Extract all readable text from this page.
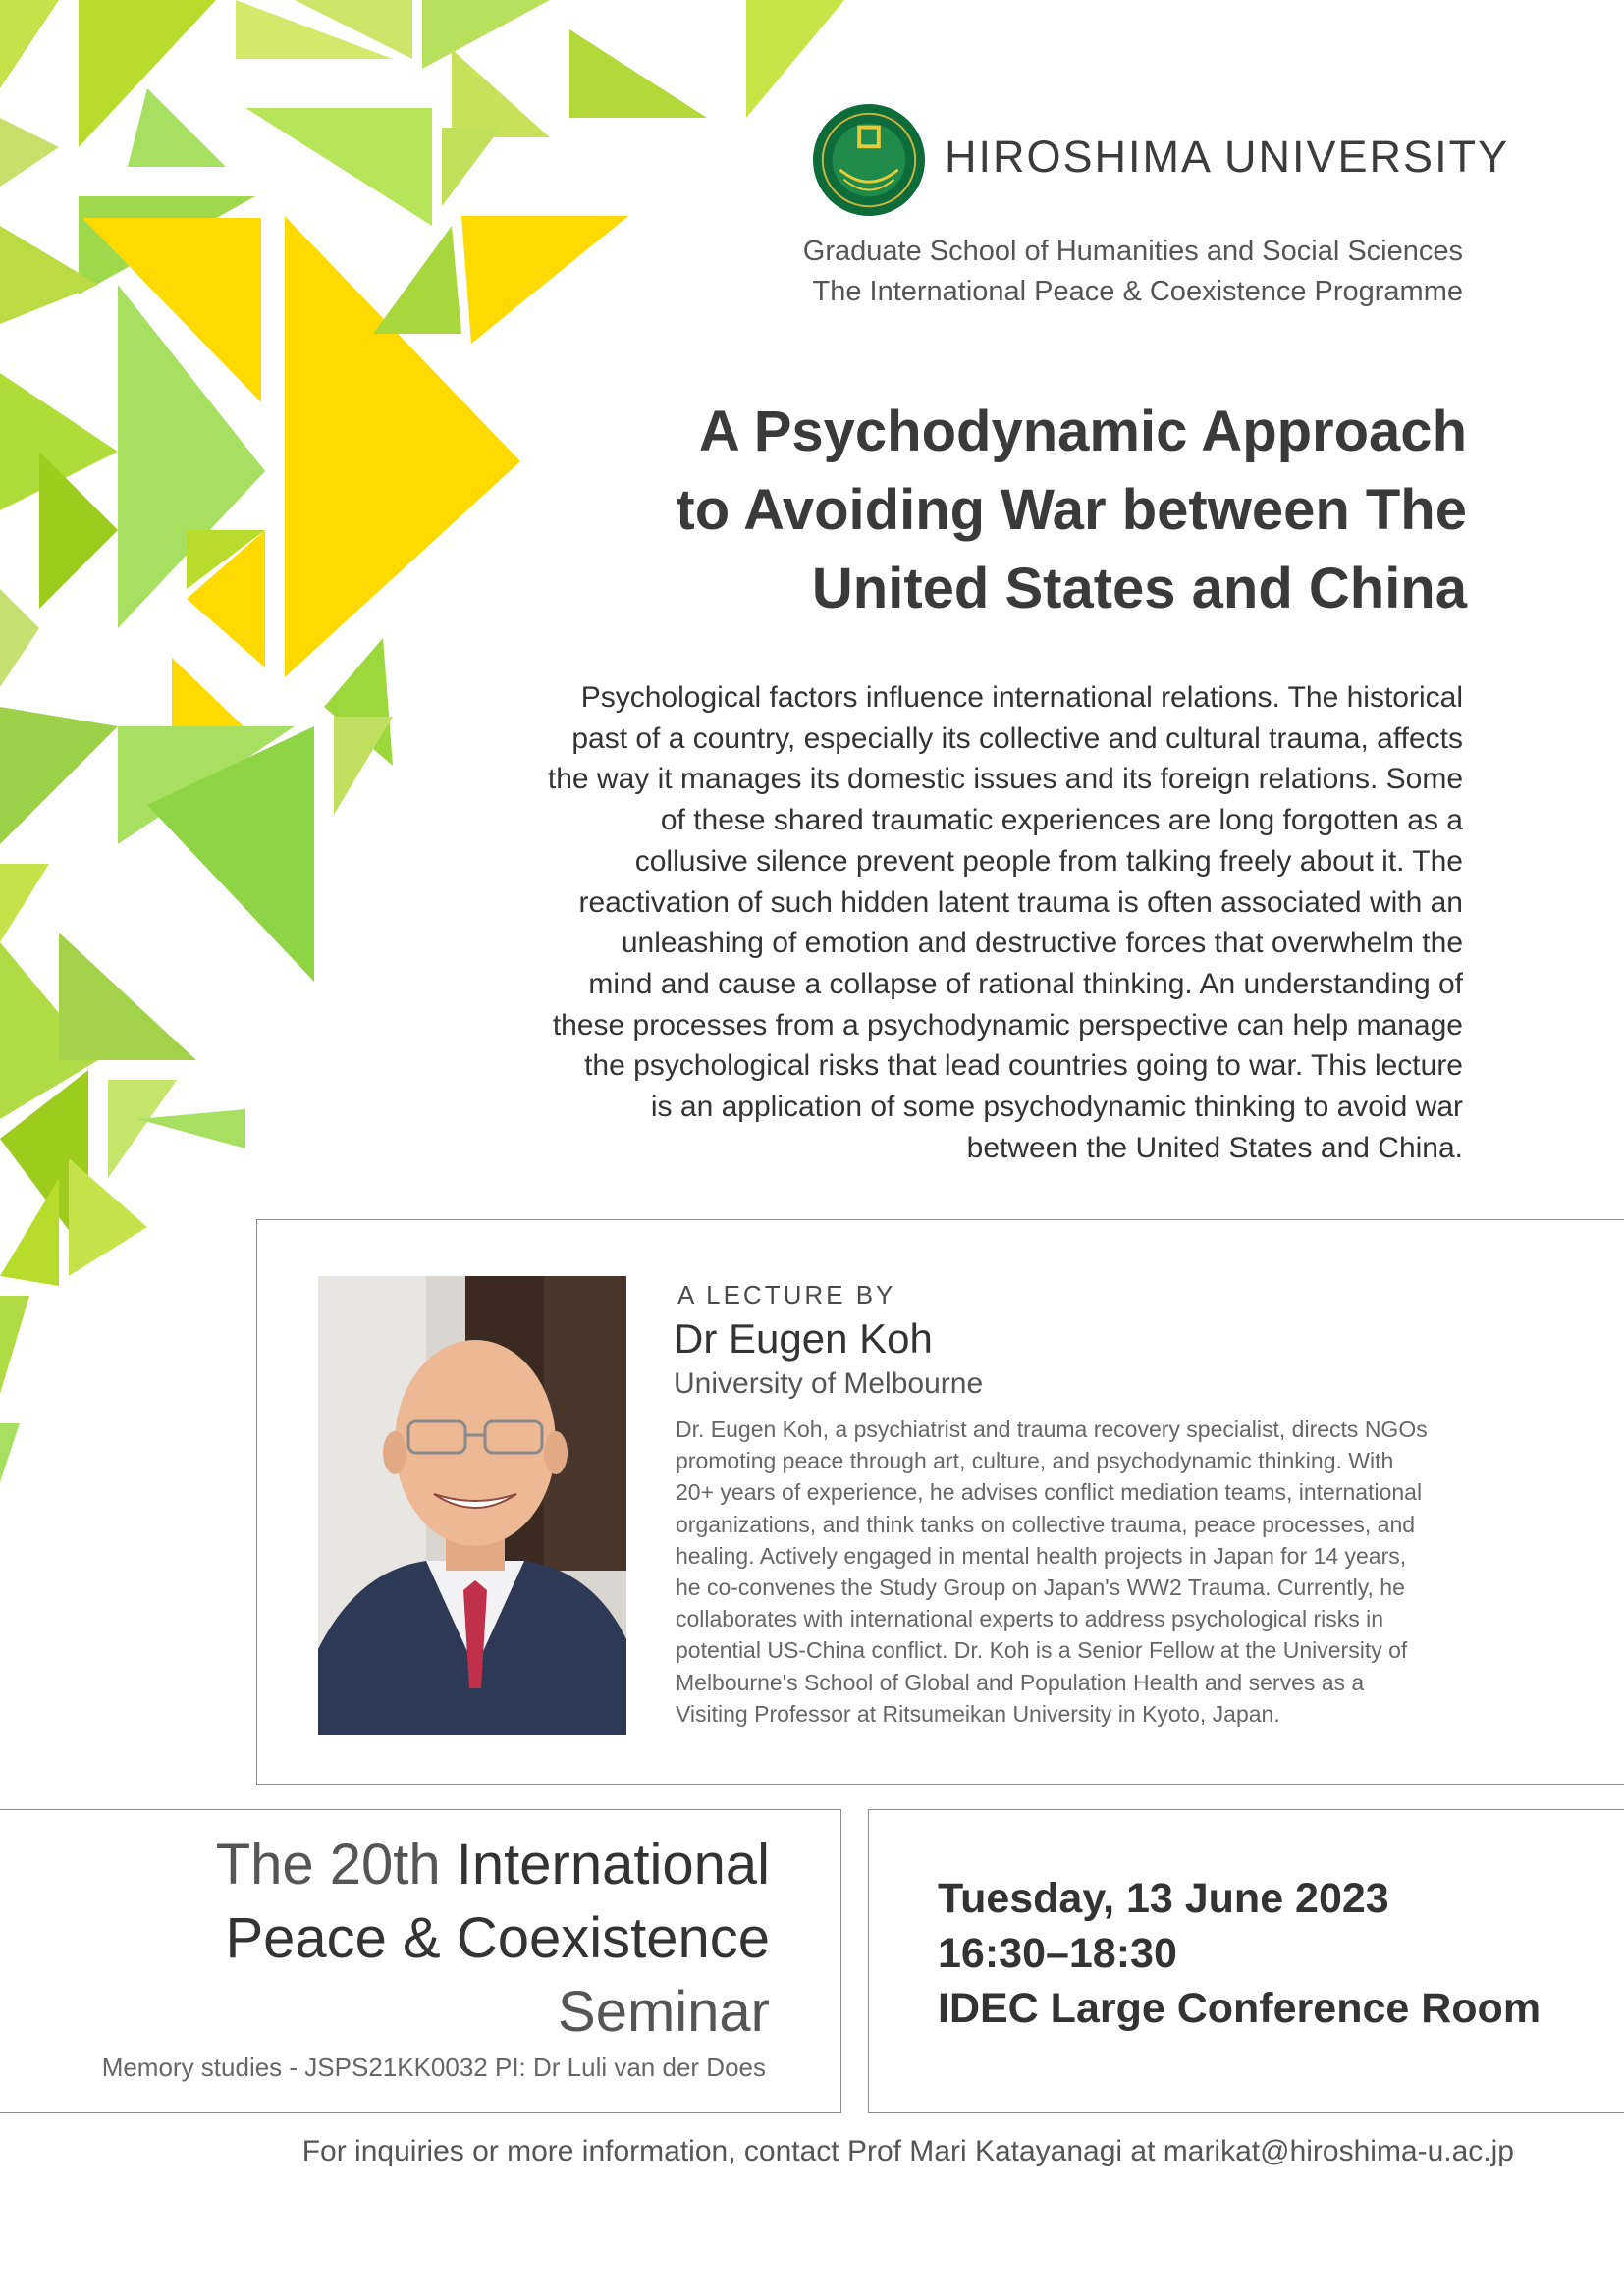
HIROSHIMA UNIVERSITY
Graduate School of Humanities and Social Sciences
The International Peace & Coexistence Programme
A Psychodynamic Approach
to Avoiding War between The
United States and China
Psychological factors influence international relations. The historical
past of a country, especially its collective and cultural trauma, affects
the way it manages its domestic issues and its foreign relations. Some
of these shared traumatic experiences are long forgotten as a
collusive silence prevent people from talking freely about it. The
reactivation of such hidden latent trauma is often associated with an
unleashing of emotion and destructive forces that overwhelm the
mind and cause a collapse of rational thinking. An understanding of
these processes from a psychodynamic perspective can help manage
the psychological risks that lead countries going to war. This lecture
is an application of some psychodynamic thinking to avoid war
between the United States and China.
A LECTURE BY
Dr Eugen Koh
University of Melbourne
Dr. Eugen Koh, a psychiatrist and trauma recovery specialist, directs NGOs
promoting peace through art, culture, and psychodynamic thinking. With
20+ years of experience, he advises conflict mediation teams, international
organizations, and think tanks on collective trauma, peace processes, and
healing. Actively engaged in mental health projects in Japan for 14 years,
he co-convenes the Study Group on Japan's WW2 Trauma. Currently, he
collaborates with international experts to address psychological risks in
potential US-China conflict. Dr. Koh is a Senior Fellow at the University of
Melbourne's School of Global and Population Health and serves as a
Visiting Professor at Ritsumeikan University in Kyoto, Japan.
The 20th International
Peace & Coexistence
Seminar
Memory studies - JSPS21KK0032 PI: Dr Luli van der Does
Tuesday, 13 June 2023
16:30–18:30
IDEC Large Conference Room
For inquiries or more information, contact Prof Mari Katayanagi at marikat@hiroshima-u.ac.jp
